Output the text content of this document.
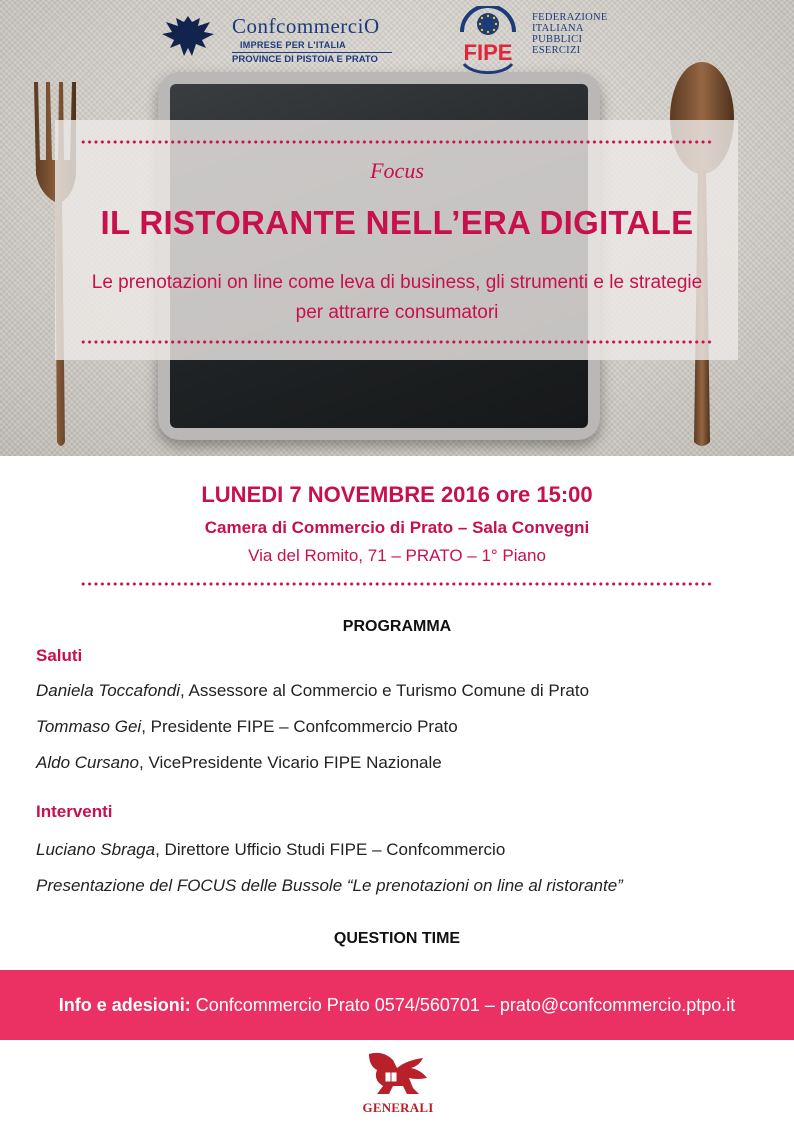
ConfcommerciO
IMPRESE PER L'ITALIA
PROVINCE DI PISTOIA E PRATO	FIPE
FEDERAZIONE
ITALIANA
PUBBLICI
ESERCIZI
Focus
IL RISTORANTE NELL’ERA DIGITALE
Le prenotazioni on line come leva di business, gli strumenti e le strategie per attrarre consumatori
LUNEDI 7 NOVEMBRE 2016 ore 15:00
Camera di Commercio di Prato – Sala Convegni
Via del Romito, 71 – PRATO – 1° Piano
PROGRAMMA
Saluti
Daniela Toccafondi, Assessore al Commercio e Turismo Comune di Prato
Tommaso Gei, Presidente FIPE – Confcommercio Prato
Aldo Cursano, VicePresidente Vicario FIPE Nazionale
Interventi
Luciano Sbraga, Direttore Ufficio Studi FIPE – Confcommercio
Presentazione del FOCUS delle Bussole “Le prenotazioni on line al ristorante”
QUESTION TIME
Info e adesioni: Confcommercio Prato 0574/560701 – prato@confcommercio.ptpo.it
GENERALI
